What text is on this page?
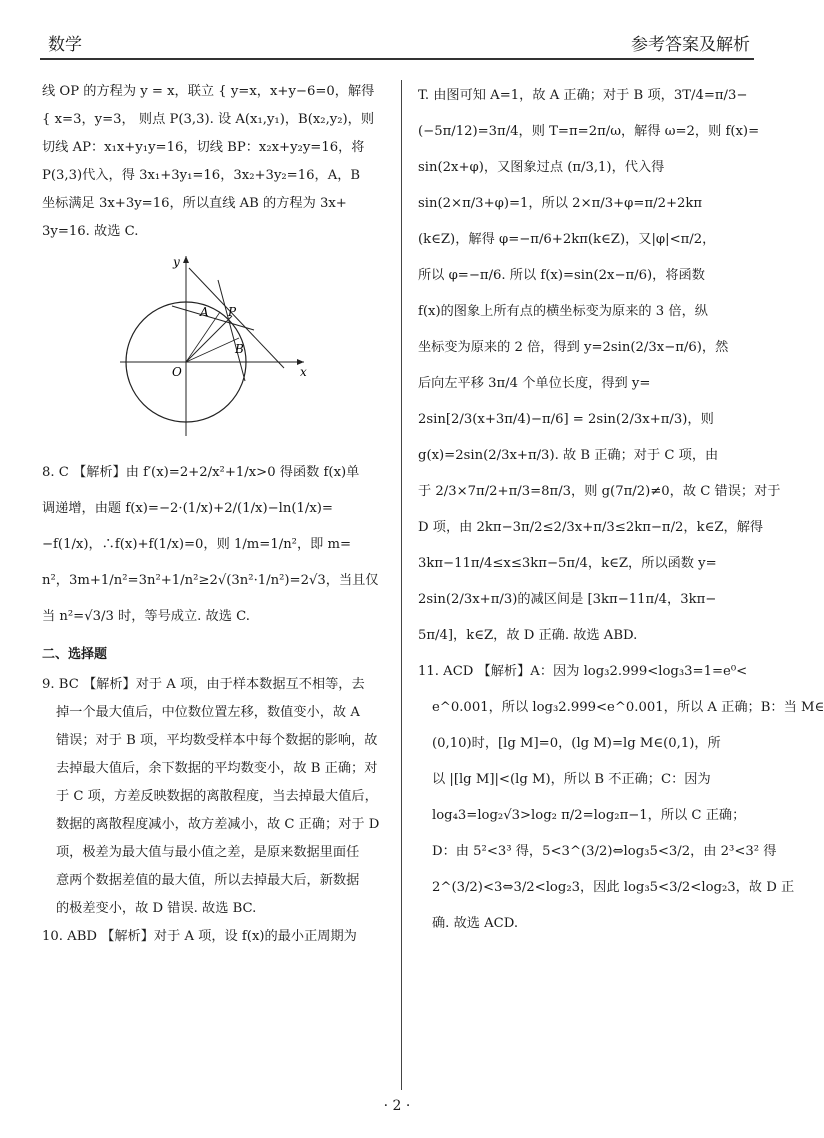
数学	参考答案及解析

线 OP 的方程为 y = x，联立 { y=x，x+y−6=0，解得

{ x=3，y=3， 则点 P(3,3). 设 A(x₁,y₁)，B(x₂,y₂)，则

切线 AP：x₁x+y₁y=16，切线 BP：x₂x+y₂y=16，将

P(3,3)代入，得 3x₁+3y₁=16，3x₂+3y₂=16，A，B

坐标满足 3x+3y=16，所以直线 AB 的方程为 3x+

3y=16. 故选 C.

y
x
O
A P
B

8. C 【解析】由 f′(x)=2+2/x²+1/x>0 得函数 f(x)单

调递增，由题 f(x)=−2·(1/x)+2/(1/x)−ln(1/x)=

−f(1/x)，∴f(x)+f(1/x)=0，则 1/m=1/n²，即 m=

n²，3m+1/n²=3n²+1/n²≥2√(3n²·1/n²)=2√3，当且仅

当 n²=√3/3 时，等号成立. 故选 C.

二、选择题

9. BC 【解析】对于 A 项，由于样本数据互不相等，去

掉一个最大值后，中位数位置左移，数值变小，故 A

错误；对于 B 项，平均数受样本中每个数据的影响，故

去掉最大值后，余下数据的平均数变小，故 B 正确；对

于 C 项，方差反映数据的离散程度，当去掉最大值后，

数据的离散程度减小，故方差减小，故 C 正确；对于 D

项，极差为最大值与最小值之差，是原来数据里面任

意两个数据差值的最大值，所以去掉最大后，新数据

的极差变小，故 D 错误. 故选 BC.

10. ABD 【解析】对于 A 项，设 f(x)的最小正周期为

T. 由图可知 A=1，故 A 正确；对于 B 项，3T/4=π/3−

(−5π/12)=3π/4，则 T=π=2π/ω，解得 ω=2，则 f(x)=

sin(2x+φ)，又图象过点 (π/3,1)，代入得

sin(2×π/3+φ)=1，所以 2×π/3+φ=π/2+2kπ

(k∈Z)，解得 φ=−π/6+2kπ(k∈Z)，又|φ|<π/2，

所以 φ=−π/6. 所以 f(x)=sin(2x−π/6)，将函数

f(x)的图象上所有点的横坐标变为原来的 3 倍，纵

坐标变为原来的 2 倍，得到 y=2sin(2/3x−π/6)，然

后向左平移 3π/4 个单位长度，得到 y=

2sin[2/3(x+3π/4)−π/6] = 2sin(2/3x+π/3)，则

g(x)=2sin(2/3x+π/3). 故 B 正确；对于 C 项，由

于 2/3×7π/2+π/3=8π/3，则 g(7π/2)≠0，故 C 错误；对于

D 项，由 2kπ−3π/2≤2/3x+π/3≤2kπ−π/2，k∈Z，解得

3kπ−11π/4≤x≤3kπ−5π/4，k∈Z，所以函数 y=

2sin(2/3x+π/3)的减区间是 [3kπ−11π/4，3kπ−

5π/4]，k∈Z，故 D 正确. 故选 ABD.

11. ACD 【解析】A：因为 log₃2.999<log₃3=1=e⁰<

e^0.001，所以 log₃2.999<e^0.001，所以 A 正确；B：当 M∈

(0,10)时，[lg M]=0，(lg M)=lg M∈(0,1)，所

以 |[lg M]|<(lg M)，所以 B 不正确；C：因为

log₄3=log₂√3>log₂ π/2=log₂π−1，所以 C 正确；

D：由 5²<3³ 得，5<3^(3/2)⇔log₃5<3/2，由 2³<3² 得

2^(3/2)<3⇔3/2<log₂3，因此 log₃5<3/2<log₂3，故 D 正

确. 故选 ACD.

· 2 ·
